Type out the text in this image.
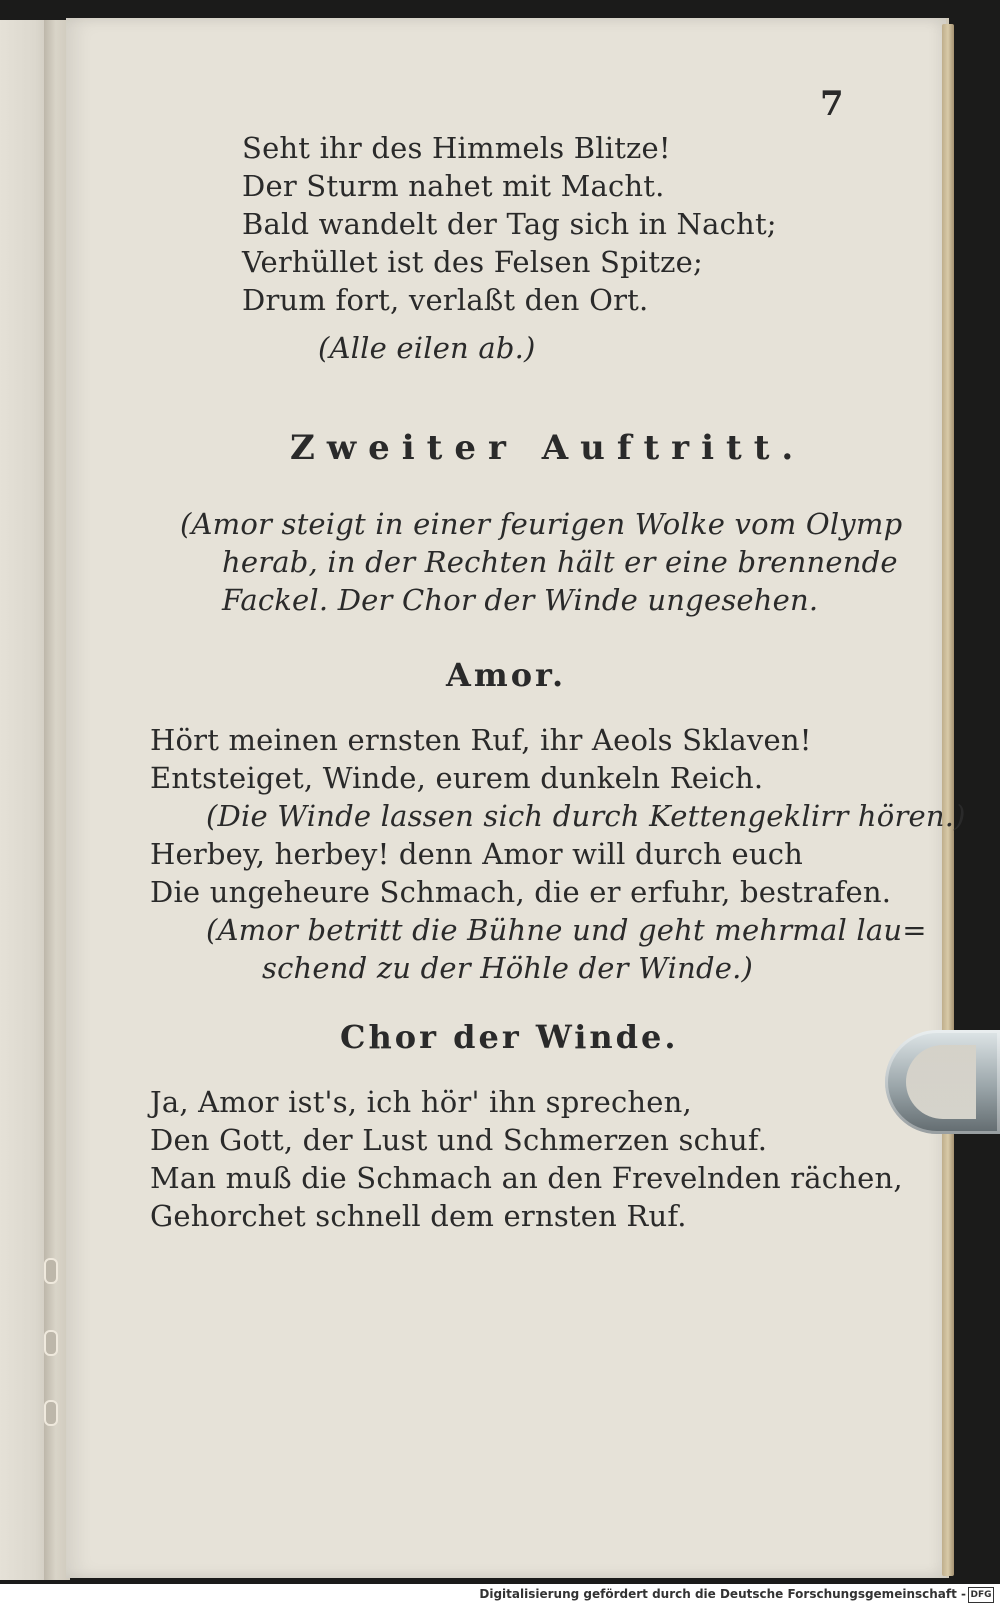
7
Seht ihr des Himmels Blitze!
Der Sturm nahet mit Macht.
Bald wandelt der Tag sich in Nacht;
Verhüllet ist des Felsen Spitze;
Drum fort, verlaßt den Ort.
(Alle eilen ab.)
Zweiter Auftritt.
(Amor steigt in einer feurigen Wolke vom Olymp
herab, in der Rechten hält er eine brennende
Fackel. Der Chor der Winde ungesehen.
Amor.
Hört meinen ernsten Ruf, ihr Aeols Sklaven!
Entsteiget, Winde, eurem dunkeln Reich.
(Die Winde lassen sich durch Kettengeklirr hören.)
Herbey, herbey! denn Amor will durch euch
Die ungeheure Schmach, die er erfuhr, bestrafen.
(Amor betritt die Bühne und geht mehrmal lau=
schend zu der Höhle der Winde.)
Chor der Winde.
Ja, Amor ist's, ich hör' ihn sprechen,
Den Gott, der Lust und Schmerzen schuf.
Man muß die Schmach an den Frevelnden rächen,
Gehorchet schnell dem ernsten Ruf.
Digitalisierung gefördert durch die Deutsche Forschungsgemeinschaft - DFG
